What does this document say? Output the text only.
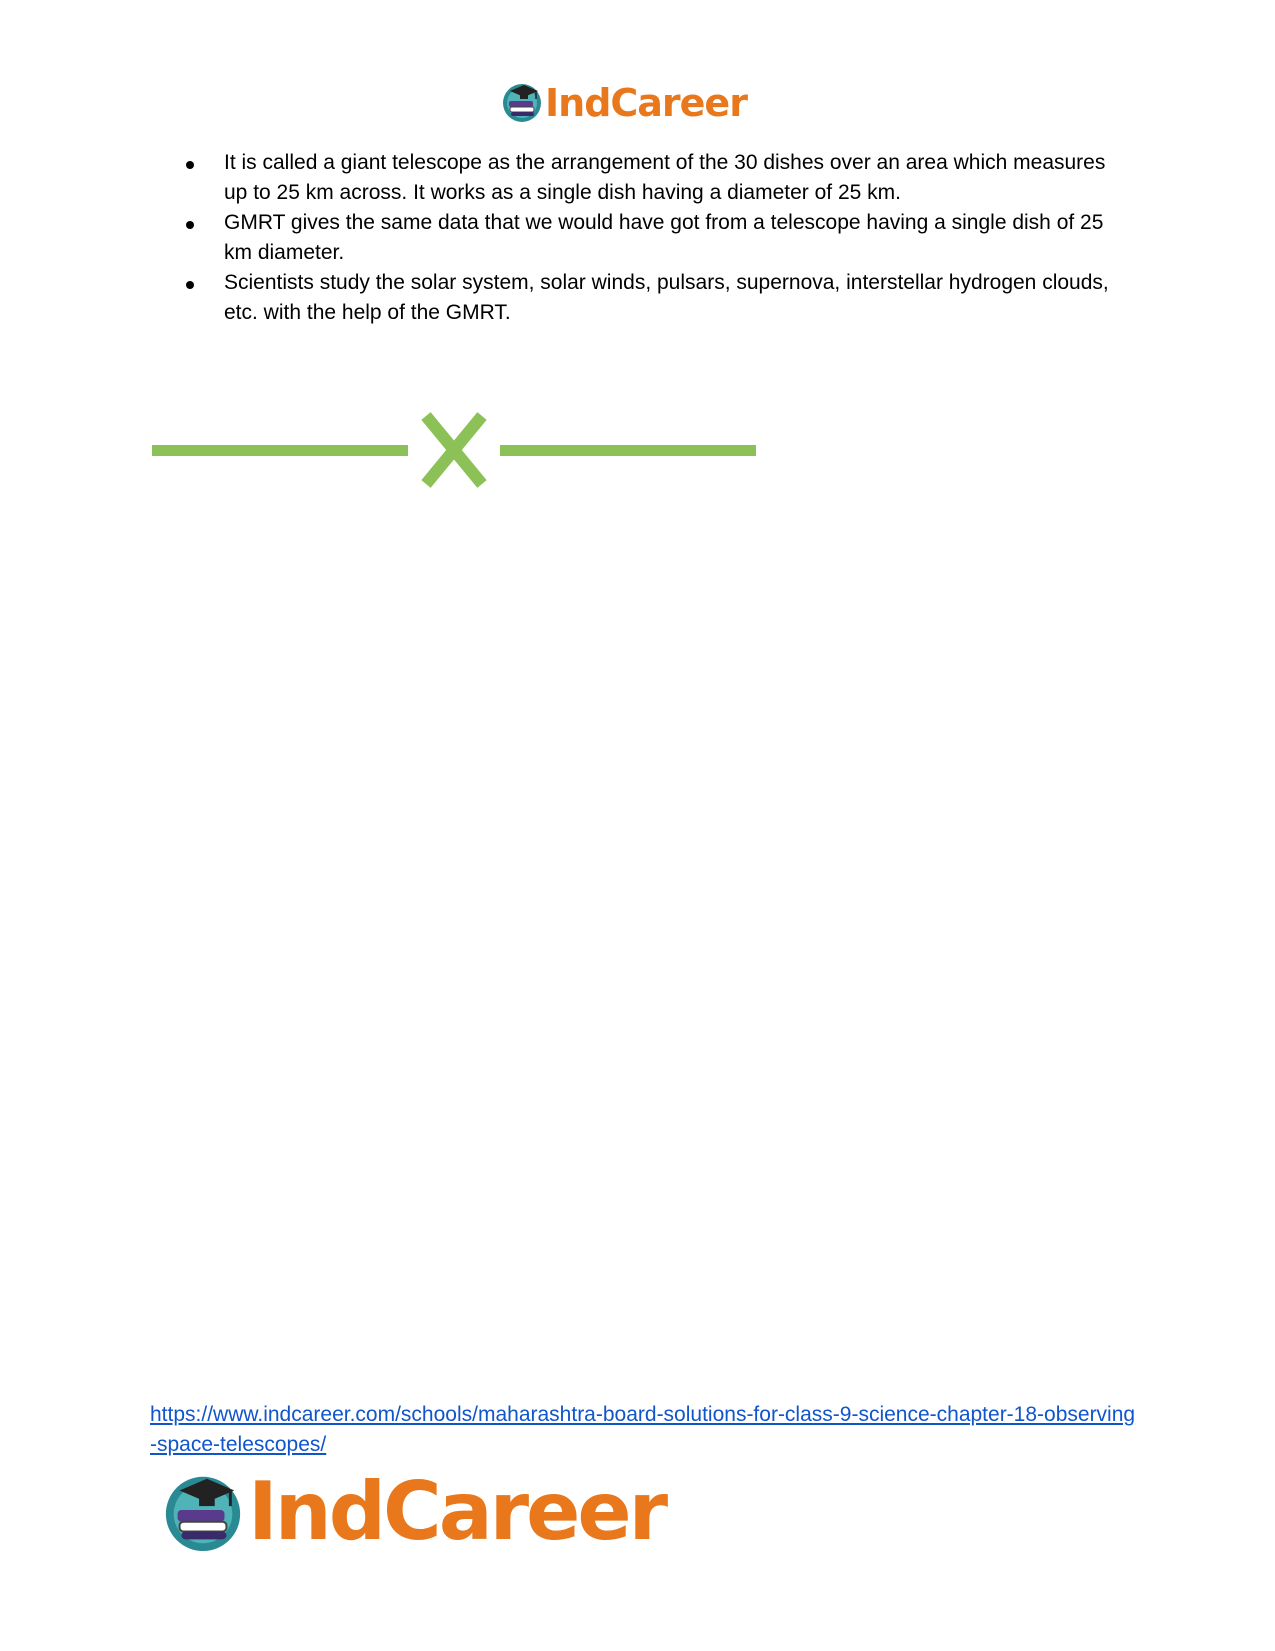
IndCareer
It is called a giant telescope as the arrangement of the 30 dishes over an area which measures up to 25 km across. It works as a single dish having a diameter of 25 km.
GMRT gives the same data that we would have got from a telescope having a single dish of 25 km diameter.
Scientists study the solar system, solar winds, pulsars, supernova, interstellar hydrogen clouds, etc. with the help of the GMRT.
https://www.indcareer.com/schools/maharashtra-board-solutions-for-class-9-science-chapter-18-observing-space-telescopes/
IndCareer
